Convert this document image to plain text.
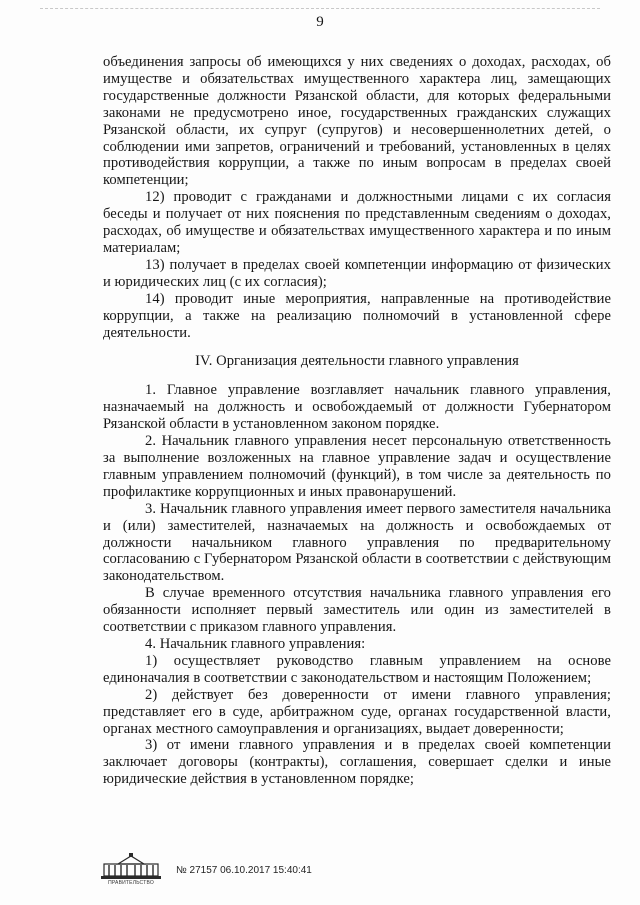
9

объединения запросы об имеющихся у них сведениях о доходах, расходах, об имуществе и обязательствах имущественного характера лиц, замещающих государственные должности Рязанской области, для которых федеральными законами не предусмотрено иное, государственных гражданских служащих Рязанской области, их супруг (супругов) и несовершеннолетних детей, о соблюдении ими запретов, ограничений и требований, установленных в целях противодействия коррупции, а также по иным вопросам в пределах своей компетенции;

12) проводит с гражданами и должностными лицами с их согласия беседы и получает от них пояснения по представленным сведениям о доходах, расходах, об имуществе и обязательствах имущественного характера и по иным материалам;

13) получает в пределах своей компетенции информацию от физических и юридических лиц (с их согласия);

14) проводит иные мероприятия, направленные на противодействие коррупции, а также на реализацию полномочий в установленной сфере деятельности.

IV. Организация деятельности главного управления

1. Главное управление возглавляет начальник главного управления, назначаемый на должность и освобождаемый от должности Губернатором Рязанской области в установленном законом порядке.

2. Начальник главного управления несет персональную ответственность за выполнение возложенных на главное управление задач и осуществление главным управлением полномочий (функций), в том числе за деятельность по профилактике коррупционных и иных правонарушений.

3. Начальник главного управления имеет первого заместителя начальника и (или) заместителей, назначаемых на должность и освобождаемых от должности начальником главного управления по предварительному согласованию с Губернатором Рязанской области в соответствии с действующим законодательством.

В случае временного отсутствия начальника главного управления его обязанности исполняет первый заместитель или один из заместителей в соответствии с приказом главного управления.

4. Начальник главного управления:

1) осуществляет руководство главным управлением на основе единоначалия в соответствии с законодательством и настоящим Положением;

2) действует без доверенности от имени главного управления; представляет его в суде, арбитражном суде, органах государственной власти, органах местного самоуправления и организациях, выдает доверенности;

3) от имени главного управления и в пределах своей компетенции заключает договоры (контракты), соглашения, совершает сделки и иные юридические действия в установленном порядке;

ПРАВИТЕЛЬСТВО
№ 27157 06.10.2017 15:40:41
